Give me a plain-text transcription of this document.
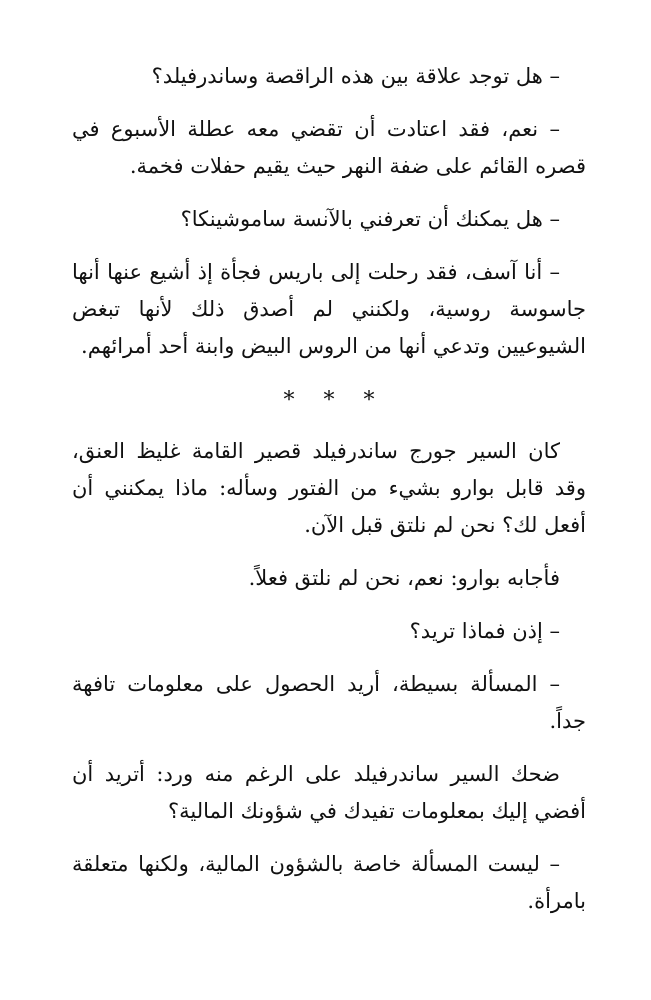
– هل توجد علاقة بين هذه الراقصة وساندرفيلد؟

– نعم، فقد اعتادت أن تقضي معه عطلة الأسبوع في قصره القائم على ضفة النهر حيث يقيم حفلات فخمة.

– هل يمكنك أن تعرفني بالآنسة ساموشينكا؟

– أنا آسف، فقد رحلت إلى باريس فجأة إذ أشيع عنها أنها جاسوسة روسية، ولكنني لم أصدق ذلك لأنها تبغض الشيوعيين وتدعي أنها من الروس البيض وابنة أحد أمرائهم.

* * *

كان السير جورج ساندرفيلد قصير القامة غليظ العنق، وقد قابل بوارو بشيء من الفتور وسأله: ماذا يمكنني أن أفعل لك؟ نحن لم نلتق قبل الآن.

فأجابه بوارو: نعم، نحن لم نلتق فعلاً.

– إذن فماذا تريد؟

– المسألة بسيطة، أريد الحصول على معلومات تافهة جداً.

ضحك السير ساندرفيلد على الرغم منه ورد: أتريد أن أفضي إليك بمعلومات تفيدك في شؤونك المالية؟

– ليست المسألة خاصة بالشؤون المالية، ولكنها متعلقة بامرأة.
